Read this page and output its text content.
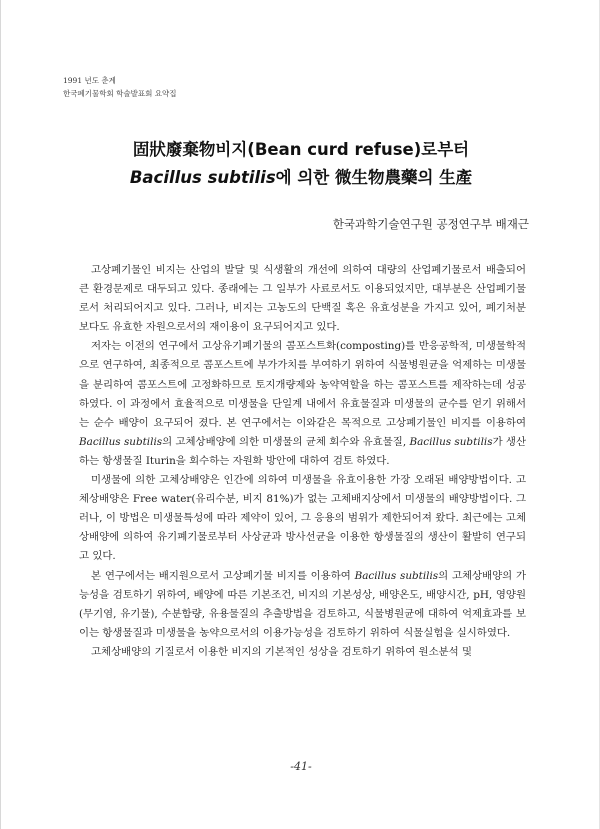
1991 년도 춘계
한국폐기물학회 학술발표회 요약집
固狀廢棄物비지(Bean curd refuse)로부터
Bacillus subtilis에 의한 微生物農藥의 生產
한국과학기술연구원 공정연구부 배재근

고상폐기물인 비지는 산업의 발달 및 식생활의 개선에 의하여 대량의 산업폐기물로서 배출되어 큰 환경문제로 대두되고 있다. 종래에는 그 일부가 사료로서도 이용되었지만, 대부분은 산업폐기물로서 처리되어지고 있다. 그러나, 비지는 고농도의 단백질 혹은 유효성분을 가지고 있어, 폐기처분보다도 유효한 자원으로서의 재이용이 요구되어지고 있다.

저자는 이전의 연구에서 고상유기폐기물의 콤포스트화(composting)를 반응공학적, 미생물학적으로 연구하여, 최종적으로 콤포스트에 부가가치를 부여하기 위하여 식물병원균을 억제하는 미생물을 분리하여 콤포스트에 고정화하므로 토지개량제와 농약역할을 하는 콤포스트를 제작하는데 성공 하였다. 이 과정에서 효율적으로 미생물을 단일계 내에서 유효물질과 미생물의 균수를 얻기 위해서는 순수 배양이 요구되어 졌다. 본 연구에서는 이와같은 목적으로 고상폐기물인 비지를 이용하여 Bacillus subtilis의 고체상배양에 의한 미생물의 균체 회수와 유효물질, Bacillus subtilis가 생산하는 항생물질 Iturin을 회수하는 자원화 방안에 대하여 검토 하였다.

미생물에 의한 고체상배양은 인간에 의하여 미생물을 유효이용한 가장 오래된 배양방법이다. 고체상배양은 Free water(유리수분, 비지 81%)가 없는 고체배지상에서 미생물의 배양방법이다. 그러나, 이 방법은 미생물특성에 따라 제약이 있어, 그 응용의 범위가 제한되어져 왔다. 최근에는 고체상배양에 의하여 유기폐기물로부터 사상균과 방사선균을 이용한 항생물질의 생산이 활발히 연구되고 있다.

본 연구에서는 배지원으로서 고상폐기물 비지를 이용하여 Bacillus subtilis의 고체상배양의 가능성을 검토하기 위하여, 배양에 따른 기본조건, 비지의 기본성상, 배양온도, 배양시간, pH, 영양원(무기염, 유기물), 수분함량, 유용물질의 추출방법을 검토하고, 식물병원균에 대하여 억제효과를 보이는 항생물질과 미생물을 농약으로서의 이용가능성을 검토하기 위하여 식물실험을 실시하였다.

고체상배양의 기질로서 이용한 비지의 기본적인 성상을 검토하기 위하여 원소분석 및

-41-
